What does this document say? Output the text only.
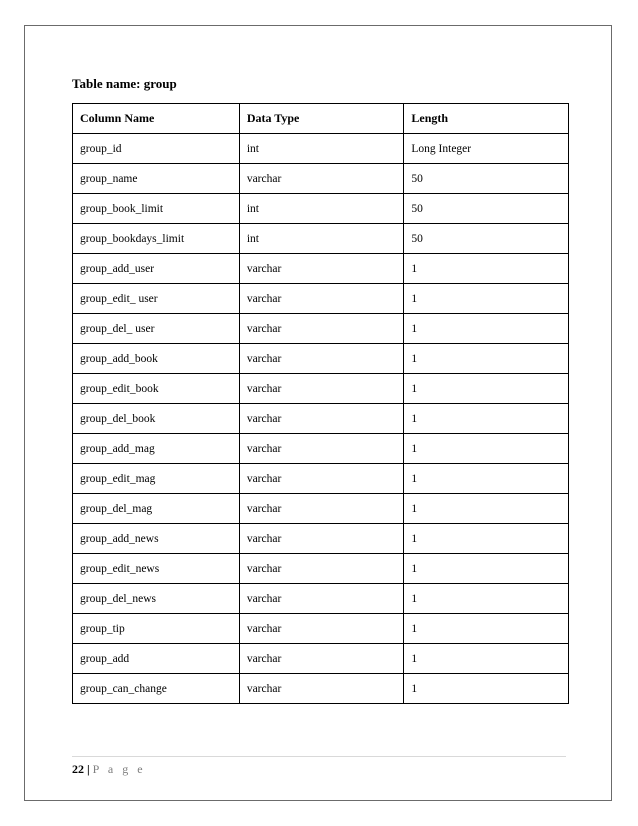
Table name: group
Column Name	Data Type	Length
group_id	int	Long Integer
group_name	varchar	50
group_book_limit	int	50
group_bookdays_limit	int	50
group_add_user	varchar	1
group_edit_ user	varchar	1
group_del_ user	varchar	1
group_add_book	varchar	1
group_edit_book	varchar	1
group_del_book	varchar	1
group_add_mag	varchar	1
group_edit_mag	varchar	1
group_del_mag	varchar	1
group_add_news	varchar	1
group_edit_news	varchar	1
group_del_news	varchar	1
group_tip	varchar	1
group_add	varchar	1
group_can_change	varchar	1
22 | P a g e
